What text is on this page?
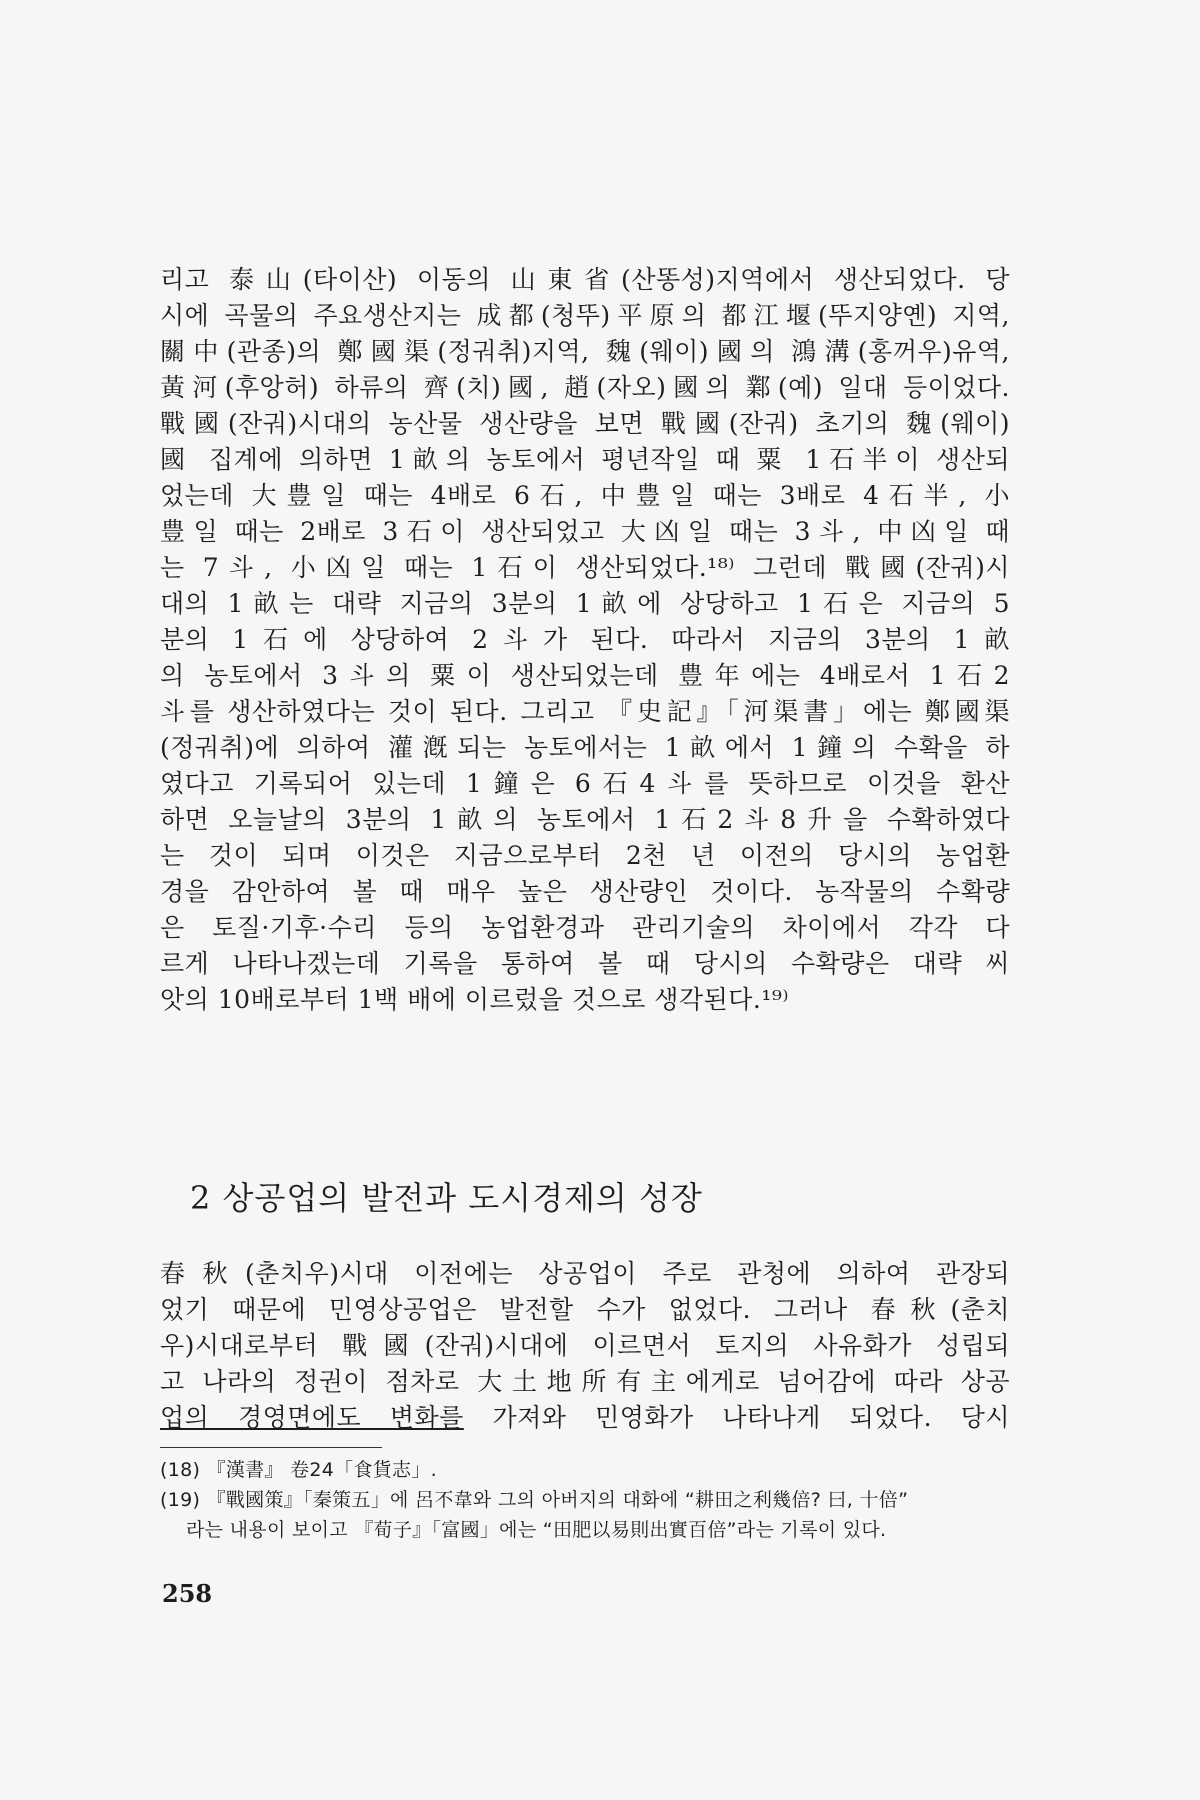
리고 泰山(타이산) 이동의 山東省(산똥성)지역에서 생산되었다. 당
시에 곡물의 주요생산지는 成都(청뚜)平原의 都江堰(뚜지양옌) 지역,
關中(관종)의 鄭國渠(정궈취)지역, 魏(웨이)國의 鴻溝(홍꺼우)유역,
黃河(후앙허) 하류의 齊(치)國, 趙(자오)國의 鄴(예) 일대 등이었다.
戰國(잔궈)시대의 농산물 생산량을 보면 戰國(잔궈) 초기의 魏(웨이)
國 집계에 의하면 1畝의 농토에서 평년작일 때 粟 1石半이 생산되
었는데 大豊일 때는 4배로 6石, 中豊일 때는 3배로 4石半, 小
豊일 때는 2배로 3石이 생산되었고 大凶일 때는 3斗, 中凶일 때
는 7斗, 小凶일 때는 1石이 생산되었다.¹⁸⁾ 그런데 戰國(잔궈)시
대의 1畝는 대략 지금의 3분의 1畝에 상당하고 1石은 지금의 5
분의 1石에 상당하여 2斗가 된다. 따라서 지금의 3분의 1畝
의 농토에서 3斗의 粟이 생산되었는데 豊年에는 4배로서 1石2
斗를 생산하였다는 것이 된다. 그리고 『史記』「河渠書」에는 鄭國渠
(정궈취)에 의하여 灌漑되는 농토에서는 1畝에서 1鐘의 수확을 하
였다고 기록되어 있는데 1鐘은 6石4斗를 뜻하므로 이것을 환산
하면 오늘날의 3분의 1畝의 농토에서 1石2斗8升을 수확하였다
는 것이 되며 이것은 지금으로부터 2천 년 이전의 당시의 농업환
경을 감안하여 볼 때 매우 높은 생산량인 것이다. 농작물의 수확량
은 토질·기후·수리 등의 농업환경과 관리기술의 차이에서 각각 다
르게 나타나겠는데 기록을 통하여 볼 때 당시의 수확량은 대략 씨
앗의 10배로부터 1백 배에 이르렀을 것으로 생각된다.¹⁹⁾
2 상공업의 발전과 도시경제의 성장
春秋(춘치우)시대 이전에는 상공업이 주로 관청에 의하여 관장되
었기 때문에 민영상공업은 발전할 수가 없었다. 그러나 春秋(춘치
우)시대로부터 戰國(잔궈)시대에 이르면서 토지의 사유화가 성립되
고 나라의 정권이 점차로 大土地所有主에게로 넘어감에 따라 상공
업의 경영면에도 변화를 가져와 민영화가 나타나게 되었다. 당시
(18) 『漢書』 卷24「食貨志」.
(19) 『戰國策』「秦策五」에 呂不韋와 그의 아버지의 대화에 “耕田之利幾倍? 曰, 十倍”
라는 내용이 보이고 『荀子』「富國」에는 “田肥以易則出實百倍”라는 기록이 있다.
258
